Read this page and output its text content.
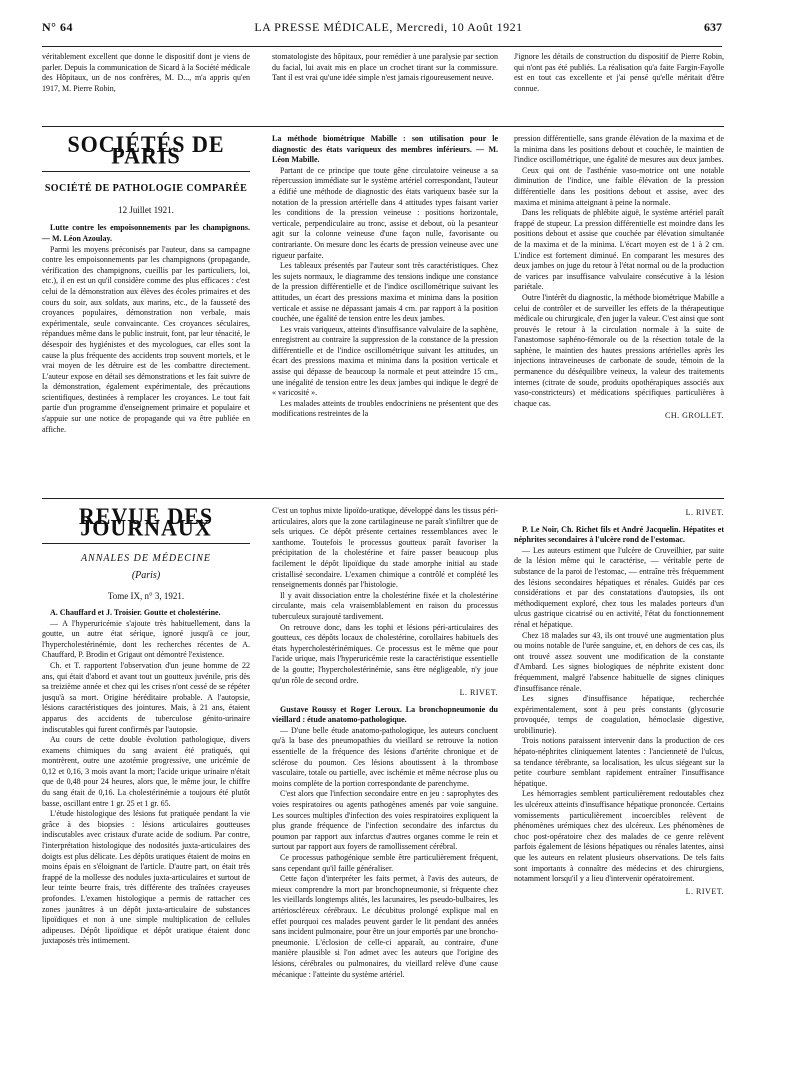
N° 64	LA PRESSE MÉDICALE, Mercredi, 10 Août 1921	637

véritablement excellent que donne le dispositif dont je viens de parler. Depuis la communication de Sicard à la Société médicale des Hôpitaux, un de nos confrères, M. D..., m'a appris qu'en 1917, M. Pierre Robin,

stomatologiste des hôpitaux, pour remédier à une paralysie par section du facial, lui avait mis en place un crochet tirant sur la commissure. Tant il est vrai qu'une idée simple n'est jamais rigoureusement neuve.

J'ignore les détails de construction du dispositif de Pierre Robin, qui n'ont pas été publiés. La réalisation qu'a faite Fargin-Fayolle est en tout cas excellente et j'ai pensé qu'elle méritait d'être connue.

SOCIÉTÉS DE PARIS
SOCIÉTÉ DE PATHOLOGIE COMPARÉE

12 Juillet 1921.

Lutte contre les empoisonnements par les champignons. — M. Léon Azoulay.

Parmi les moyens préconisés par l'auteur, dans sa campagne contre les empoisonnements par les champignons (propagande, vérification des champignons, cueillis par les particuliers, loi, etc.), il en est un qu'il considère comme des plus efficaces : c'est celui de la démonstration aux élèves des écoles primaires et des cours du soir, aux soldats, aux marins, etc., de la fausseté des croyances populaires, démonstration non verbale, mais expérimentale, seule convaincante. Ces croyances séculaires, répandues même dans le public instruit, font, par leur ténacité, le désespoir des hygiénistes et des mycologues, car elles sont la cause la plus fréquente des accidents trop souvent mortels, et le vrai moyen de les détruire est de les combattre directement. L'auteur expose en détail ses démonstrations et les fait suivre de la démonstration, également expérimentale, des précautions scientifiques, destinées à remplacer les croyances. Le tout fait partie d'un programme d'enseignement primaire et populaire et s'appuie sur une notice de propagande qui va être publiée en affiche.

La méthode biométrique Mabille : son utilisation pour le diagnostic des états variqueux des membres inférieurs. — M. Léon Mabille.

Partant de ce principe que toute gêne circulatoire veineuse a sa répercussion immédiate sur le système artériel correspondant, l'auteur a édifié une méthode de diagnostic des états variqueux basée sur la notation de la pression artérielle dans 4 attitudes types faisant varier les conditions de la pression veineuse : positions horizontale, verticale, perpendiculaire au tronc, assise et debout, où la pesanteur agit sur la colonne veineuse d'une façon nulle, favorisante ou contrariante. On mesure donc les écarts de pression veineuse avec une rigueur parfaite.

Les tableaux présentés par l'auteur sont très caractéristiques. Chez les sujets normaux, le diagramme des tensions indique une constance de la pression différentielle et de l'indice oscillométrique suivant les attitudes, un écart des pressions maxima et minima dans la position verticale et assise ne dépassant jamais 4 cm. par rapport à la position couchée, une égalité de tension entre les deux jambes.

Les vrais variqueux, atteints d'insuffisance valvulaire de la saphène, enregistrent au contraire la suppression de la constance de la pression différentielle et de l'indice oscillométrique suivant les attitudes, un écart des pressions maxima et minima dans la position verticale et assise qui dépasse de beaucoup la normale et peut atteindre 15 cm., une inégalité de tension entre les deux jambes qui indique le degré de « varicosité ».

Les malades atteints de troubles endocriniens ne présentent que des modifications restreintes de la

pression différentielle, sans grande élévation de la maxima et de la minima dans les positions debout et couchée, le maintien de l'indice oscillométrique, une égalité de mesures aux deux jambes.

Ceux qui ont de l'asthénie vaso-motrice ont une notable diminution de l'indice, une faible élévation de la pression différentielle dans les positions debout et assise, avec des maxima et minima atteignant à peine la normale.

Dans les reliquats de phlébite aiguë, le système artériel paraît frappé de stupeur. La pression différentielle est moindre dans les positions debout et assise que couchée par élévation simultanée de la maxima et de la minima. L'écart moyen est de 1 à 2 cm. L'indice est fortement diminué. En comparant les mesures des deux jambes on juge du retour à l'état normal ou de la production de varices par insuffisance valvulaire consécutive à la lésion pariétale.

Outre l'intérêt du diagnostic, la méthode biométrique Mabille a celui de contrôler et de surveiller les effets de la thérapeutique médicale ou chirurgicale, d'en juger la valeur. C'est ainsi que sont prouvés le retour à la circulation normale à la suite de l'anastomose saphéno-fémorale ou de la résection totale de la saphène, le maintien des hautes pressions artérielles après les injections intraveineuses de carbonate de soude, témoin de la permanence du déséquilibre veineux, la valeur des traitements internes (citrate de soude, produits opothérapiques associés aux vaso-constricteurs) et médications spécifiques particulières à chaque cas.

CH. GROLLET.
REVUE DES JOURNAUX
ANNALES DE MÉDECINE
(Paris)
Tome IX, n° 3, 1921.

A. Chauffard et J. Troisier. Goutte et cholestérine.

— A l'hyperuricémie s'ajoute très habituellement, dans la goutte, un autre état sérique, ignoré jusqu'à ce jour, l'hypercholestérinémie, dont les recherches récentes de A. Chauffard, P. Brodin et Grigaut ont démontré l'existence.

Ch. et T. rapportent l'observation d'un jeune homme de 22 ans, qui était d'abord et avant tout un goutteux juvénile, pris dès sa treizième année et chez qui les crises n'ont cessé de se répéter jusqu'à sa mort. Origine héréditaire probable. A l'autopsie, lésions caractéristiques des jointures. Mais, à 21 ans, étaient apparus des accidents de tuberculose génito-urinaire indiscutables qui furent confirmés par l'autopsie.

Au cours de cette double évolution pathologique, divers examens chimiques du sang avaient été pratiqués, qui montrèrent, outre une azotémie progressive, une uricémie de 0,12 et 0,16, 3 mois avant la mort; l'acide urique urinaire n'était que de 0,48 pour 24 heures, alors que, le même jour, le chiffre du sang était de 0,16. La cholestérinémie a toujours été plutôt basse, oscillant entre 1 gr. 25 et 1 gr. 65.

L'étude histologique des lésions fut pratiquée pendant la vie grâce à des biopsies : lésions articulaires goutteuses indiscutables avec cristaux d'urate acide de sodium. Par contre, l'interprétation histologique des nodosités juxta-articulaires des doigts est plus délicate. Les dépôts uratiques étaient de moins en moins épais en s'éloignant de l'article. D'autre part, on était très frappé de la mollesse des nodules juxta-articulaires et surtout de leur teinte beurre frais, très différente des traînées crayeuses profondes. L'examen histologique a permis de rattacher ces zones jaunâtres à un dépôt juxta-articulaire de substances lipoïdiques et non à une simple multiplication de cellules adipeuses. Dépôt lipoïdique et dépôt uratique étaient donc juxtaposés très intimement.

C'est un tophus mixte lipoïdo-uratique, développé dans les tissus péri-articulaires, alors que la zone cartilagineuse ne paraît s'infiltrer que de sels uriques. Ce dépôt présente certaines ressemblances avec le xanthome. Toutefois le processus goutteux paraît favoriser la précipitation de la cholestérine et faire passer beaucoup plus facilement le dépôt lipoïdique du stade amorphe initial au stade cristallisé secondaire. L'examen chimique a contrôlé et complété les renseignements donnés par l'histologie.

Il y avait dissociation entre la cholestérine fixée et la cholestérine circulante, mais cela vraisemblablement en raison du processus tuberculeux surajouté tardivement.

On retrouve donc, dans les tophi et lésions péri-articulaires des goutteux, ces dépôts locaux de cholestérine, corollaires habituels des états hypercholestérinémiques. Ce processus est le même que pour l'acide urique, mais l'hyperuricémie reste la caractéristique essentielle de la goutte; l'hypercholestérinémie, sans être négligeable, n'y joue qu'un rôle de second ordre.

L. RIVET.

Gustave Roussy et Roger Leroux. La bronchopneumonie du vieillard : étude anatomo-pathologique.

— D'une belle étude anatomo-pathologique, les auteurs concluent qu'à la base des pneumopathies du vieillard se retrouve la notion essentielle de la fréquence des lésions d'artérite chronique et de sclérose du poumon. Ces lésions aboutissent à la thrombose vasculaire, totale ou partielle, avec ischémie et même nécrose plus ou moins complète de la portion correspondante de parenchyme.

C'est alors que l'infection secondaire entre en jeu : saprophytes des voies respiratoires ou agents pathogènes amenés par voie sanguine. Les sources multiples d'infection des voies respiratoires expliquent la plus grande fréquence de l'infection secondaire des infarctus du poumon par rapport aux infarctus d'autres organes comme le rein et surtout par rapport aux foyers de ramollissement cérébral.

Ce processus pathogénique semble être particulièrement fréquent, sans cependant qu'il faille généraliser.

Cette façon d'interpréter les faits permet, à l'avis des auteurs, de mieux comprendre la mort par bronchopneumonie, si fréquente chez les vieillards longtemps alités, les lacunaires, les pseudo-bulbaires, les artérioscléreux cérébraux. Le décubitus prolongé explique mal en effet pourquoi ces malades peuvent garder le lit pendant des années sans incident pulmonaire, pour être un jour emportés par une broncho-pneumonie. L'éclosion de celle-ci apparaît, au contraire, d'une manière plausible si l'on admet avec les auteurs que l'origine des lésions, cérébrales ou pulmonaires, du vieillard relève d'une cause mécanique : l'atteinte du système artériel.

L. RIVET.

P. Le Noir, Ch. Richet fils et André Jacquelin. Hépatites et néphrites secondaires à l'ulcère rond de l'estomac.

— Les auteurs estiment que l'ulcère de Cruveilhier, par suite de la lésion même qui le caractérise, — véritable perte de substance de la paroi de l'estomac, — entraîne très fréquemment des lésions secondaires hépatiques et rénales. Guidés par ces considérations et par des constatations d'autopsies, ils ont méthodiquement exploré, chez tous les malades porteurs d'un ulcus gastrique cicatrisé ou en activité, l'état du fonctionnement rénal et hépatique.

Chez 18 malades sur 43, ils ont trouvé une augmentation plus ou moins notable de l'urée sanguine, et, en dehors de ces cas, ils ont trouvé assez souvent une modification de la constante d'Ambard. Les signes biologiques de néphrite existent donc fréquemment, malgré l'absence habituelle de signes cliniques d'insuffisance rénale.

Les signes d'insuffisance hépatique, recherchée expérimentalement, sont à peu près constants (glycosurie provoquée, temps de coagulation, hémoclasie digestive, urobilinurie).

Trois notions paraissent intervenir dans la production de ces hépato-néphrites cliniquement latentes : l'ancienneté de l'ulcus, sa tendance térébrante, sa localisation, les ulcus siégeant sur la petite courbure semblant rapidement entraîner l'insuffisance hépatique.

Les hémorragies semblent particulièrement redoutables chez les ulcéreux atteints d'insuffisance hépatique prononcée. Certains vomissements particulièrement incoercibles relèvent de phénomènes urémiques chez des ulcéreux. Les phénomènes de choc post-opératoire chez des malades de ce genre relèvent parfois également de lésions hépatiques ou rénales latentes, ainsi que les auteurs en relatent plusieurs observations. De tels faits sont importants à connaître des médecins et des chirurgiens, notamment lorsqu'il y a lieu d'intervenir opératoirement.

L. RIVET.
